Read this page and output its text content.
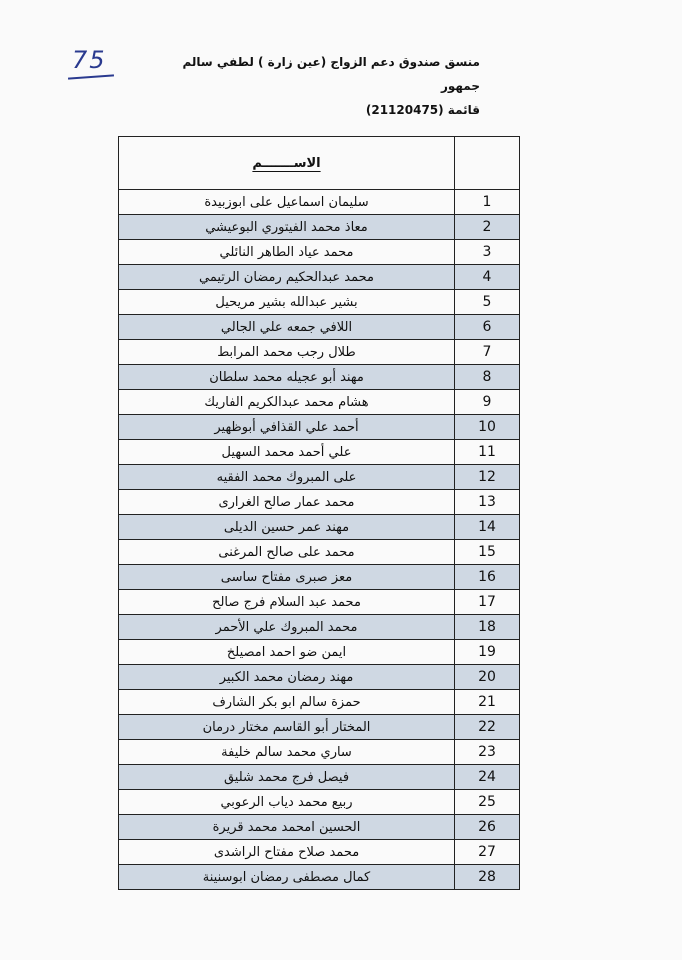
75	منسق صندوق دعم الزواج (عين زارة ) لطفي سالم جمهور
قائمة (21120475)
	الاســـــــم
1	سليمان اسماعيل على ابوزبيدة
2	معاذ محمد الفيتوري البوعيشي
3	محمد عياد الطاهر النائلي
4	محمد عبدالحكيم رمضان الرتيمي
5	بشير عبدالله بشير مريحيل
6	اللافي جمعه علي الجالي
7	طلال رجب محمد المرابط
8	مهند أبو عجيله محمد سلطان
9	هشام محمد عبدالكريم الفاريك
10	أحمد علي القذافي أبوظهير
11	علي أحمد محمد السهيل
12	على المبروك محمد الفقيه
13	محمد عمار صالح الغرارى
14	مهند عمر حسين الديلى
15	محمد على صالح المرغنى
16	معز صبرى مفتاح ساسى
17	محمد عبد السلام فرج صالح
18	محمد المبروك علي الأحمر
19	ايمن ضو احمد امصيلخ
20	مهند رمضان محمد الكبير
21	حمزة سالم ابو بكر الشارف
22	المختار أبو القاسم مختار درمان
23	ساري محمد سالم خليفة
24	فيصل فرج محمد شليق
25	ربيع محمد دياب الرعوبي
26	الحسين امحمد محمد قريرة
27	محمد صلاح مفتاح الراشدى
28	كمال مصطفى رمضان ابوسنينة
